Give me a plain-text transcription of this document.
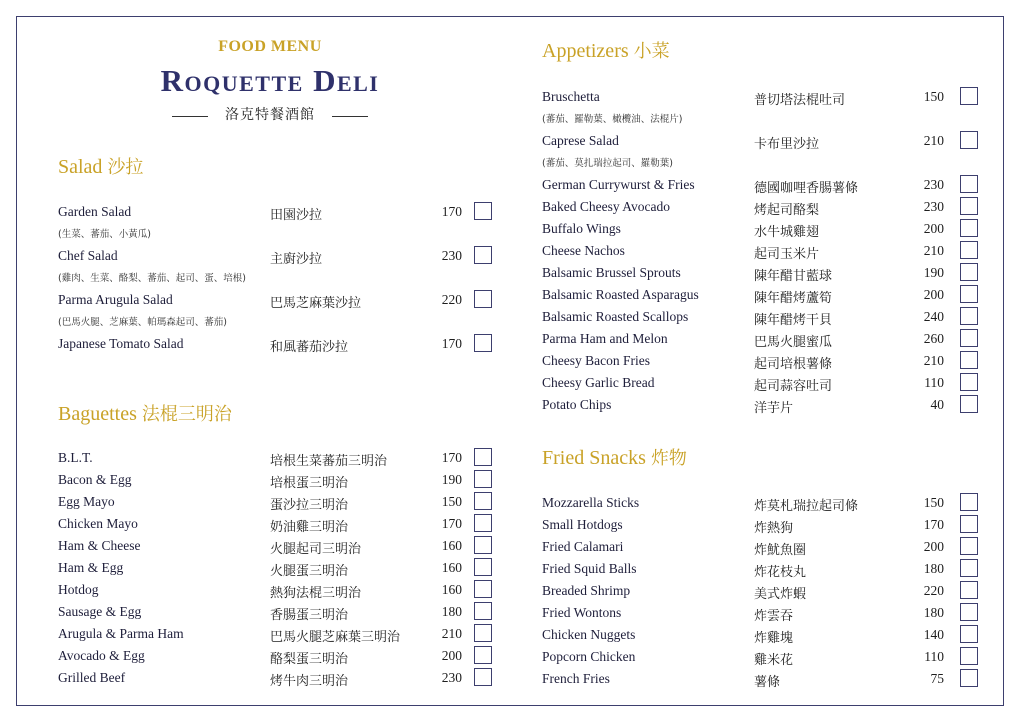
FOOD MENU
Roquette Deli
洛克特餐酒館
Salad 沙拉
Garden Salad	田園沙拉	170
(生菜、蕃茄、小黃瓜)
Chef Salad	主廚沙拉	230
(雞肉、生菜、酪梨、蕃茄、起司、蛋、培根)
Parma Arugula Salad	巴馬芝麻葉沙拉	220
(巴馬火腿、芝麻葉、帕瑪森起司、蕃茄)
Japanese Tomato Salad	和風蕃茄沙拉	170
Baguettes 法棍三明治
B.L.T.	培根生菜蕃茄三明治	170
Bacon & Egg	培根蛋三明治	190
Egg Mayo	蛋沙拉三明治	150
Chicken Mayo	奶油雞三明治	170
Ham & Cheese	火腿起司三明治	160
Ham & Egg	火腿蛋三明治	160
Hotdog	熱狗法棍三明治	160
Sausage & Egg	香腸蛋三明治	180
Arugula & Parma Ham	巴馬火腿芝麻葉三明治	210
Avocado & Egg	酪梨蛋三明治	200
Grilled Beef	烤牛肉三明治	230
Appetizers 小菜
Bruschetta	普切塔法棍吐司	150
(蕃茄、羅勒葉、橄欖油、法棍片)
Caprese Salad	卡布里沙拉	210
(蕃茄、莫扎瑞拉起司、羅勒葉)
German Currywurst & Fries	德國咖哩香腸薯條	230
Baked Cheesy Avocado	烤起司酪梨	230
Buffalo Wings	水牛城雞翅	200
Cheese Nachos	起司玉米片	210
Balsamic Brussel Sprouts	陳年醋甘藍球	190
Balsamic Roasted Asparagus	陳年醋烤蘆筍	200
Balsamic Roasted Scallops	陳年醋烤干貝	240
Parma Ham and Melon	巴馬火腿蜜瓜	260
Cheesy Bacon Fries	起司培根薯條	210
Cheesy Garlic Bread	起司蒜容吐司	110
Potato Chips	洋芋片	40
Fried Snacks 炸物
Mozzarella Sticks	炸莫札瑞拉起司條	150
Small Hotdogs	炸熱狗	170
Fried Calamari	炸魷魚圈	200
Fried Squid Balls	炸花枝丸	180
Breaded Shrimp	美式炸蝦	220
Fried Wontons	炸雲吞	180
Chicken Nuggets	炸雞塊	140
Popcorn Chicken	雞米花	110
French Fries	薯條	75
